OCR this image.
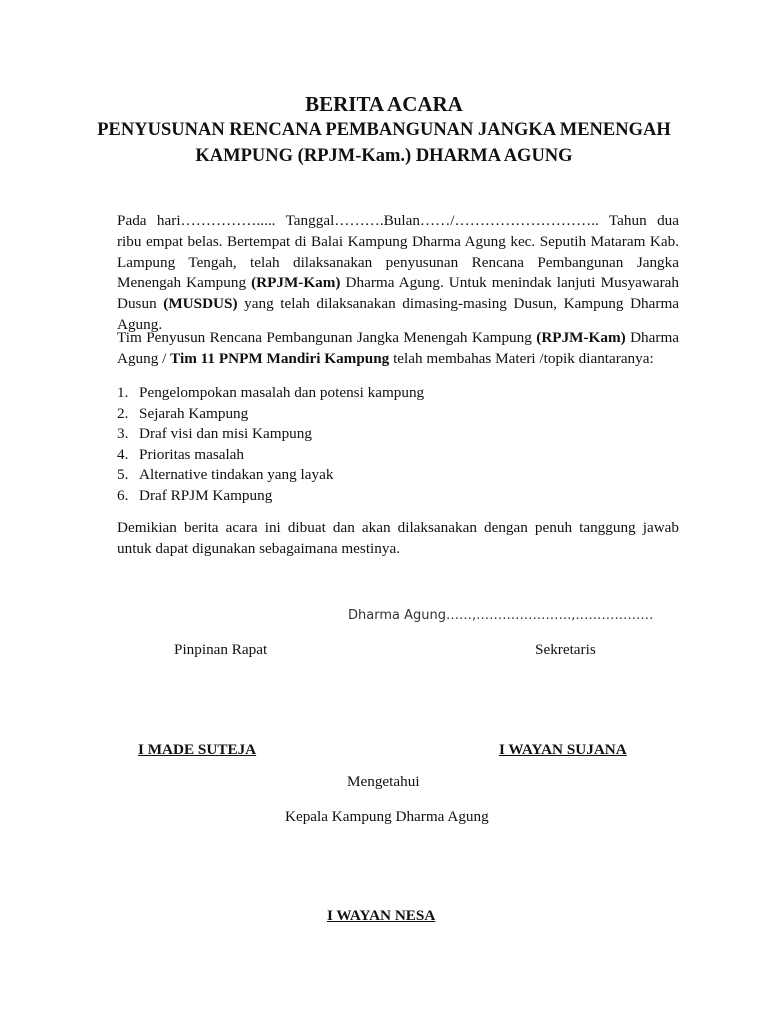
BERITA ACARA
PENYUSUNAN RENCANA PEMBANGUNAN JANGKA MENENGAH
KAMPUNG (RPJM-Kam.) DHARMA AGUNG

Pada hari……………..... Tanggal……….Bulan……/……………………….. Tahun dua ribu empat belas. Bertempat di Balai Kampung Dharma Agung kec. Seputih Mataram Kab. Lampung Tengah, telah dilaksanakan penyusunan Rencana Pembangunan Jangka Menengah Kampung (RPJM-Kam) Dharma Agung. Untuk menindak lanjuti Musyawarah Dusun (MUSDUS) yang telah dilaksanakan dimasing-masing Dusun, Kampung Dharma Agung.

Tim Penyusun Rencana Pembangunan Jangka Menengah Kampung (RPJM-Kam) Dharma Agung / Tim 11 PNPM Mandiri Kampung telah membahas Materi /topik diantaranya:

1. Pengelompokan masalah dan potensi kampung
2. Sejarah Kampung
3. Draf visi dan misi Kampung
4. Prioritas masalah
5. Alternative tindakan yang layak
6. Draf RPJM Kampung

Demikian berita acara ini dibuat dan akan dilaksanakan dengan penuh tanggung jawab untuk dapat digunakan sebagaimana mestinya.

Dharma Agung……,………………….,………………
Pinpinan Rapat	Sekretaris
I MADE SUTEJA	I WAYAN SUJANA
Mengetahui
Kepala Kampung Dharma Agung
I WAYAN NESA
